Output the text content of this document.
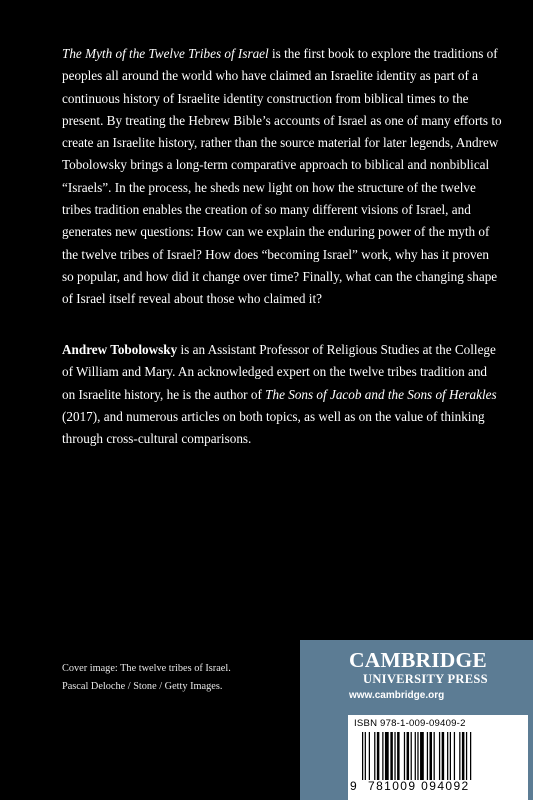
The Myth of the Twelve Tribes of Israel is the first book to explore the traditions of peoples all around the world who have claimed an Israelite identity as part of a continuous history of Israelite identity construction from biblical times to the present. By treating the Hebrew Bible’s accounts of Israel as one of many efforts to create an Israelite history, rather than the source material for later legends, Andrew Tobolowsky brings a long-term comparative approach to biblical and nonbiblical “Israels”. In the process, he sheds new light on how the structure of the twelve tribes tradition enables the creation of so many different visions of Israel, and generates new questions: How can we explain the enduring power of the myth of the twelve tribes of Israel? How does “becoming Israel” work, why has it proven so popular, and how did it change over time? Finally, what can the changing shape of Israel itself reveal about those who claimed it?

Andrew Tobolowsky is an Assistant Professor of Religious Studies at the College of William and Mary. An acknowledged expert on the twelve tribes tradition and on Israelite history, he is the author of The Sons of Jacob and the Sons of Herakles (2017), and numerous articles on both topics, as well as on the value of thinking through cross-cultural comparisons.

Cover image: The twelve tribes of Israel.
Pascal Deloche / Stone / Getty Images.
CAMBRIDGE
UNIVERSITY PRESS
www.cambridge.org
ISBN 978-1-009-09409-2
9 781009 094092
